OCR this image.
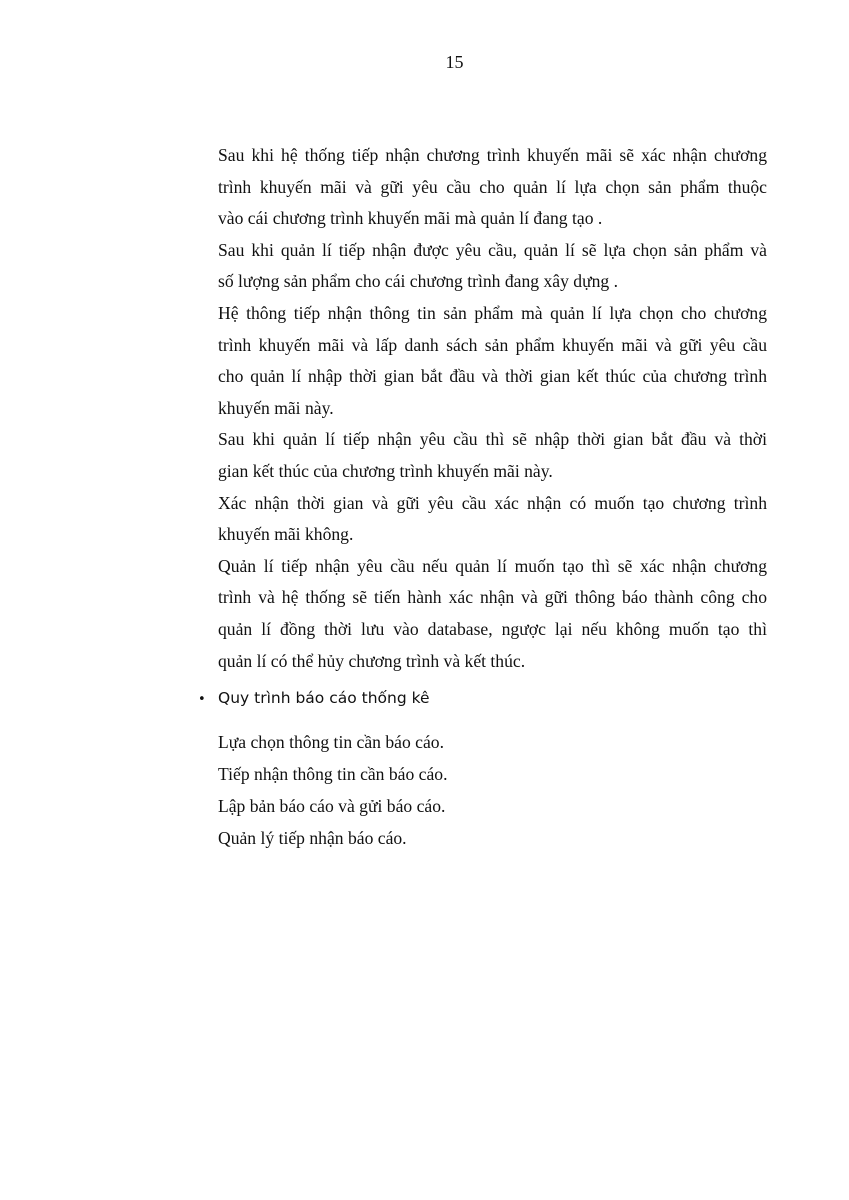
15

Sau khi hệ thống tiếp nhận chương trình khuyến mãi sẽ xác nhận chương
trình khuyến mãi và gữi yêu cầu cho quản lí lựa chọn sản phẩm thuộc
vào cái chương trình khuyến mãi mà quản lí đang tạo .

Sau khi quản lí tiếp nhận được yêu cầu, quản lí sẽ lựa chọn sản phẩm và
số lượng sản phẩm cho cái chương trình đang xây dựng .

Hệ thông tiếp nhận thông tin sản phẩm mà quản lí lựa chọn cho chương
trình khuyến mãi và lấp danh sách sản phẩm khuyến mãi và gữi yêu cầu
cho quản lí nhập thời gian bắt đầu và thời gian kết thúc của chương trình
khuyến mãi này.

Sau khi quản lí tiếp nhận yêu cầu thì sẽ nhập thời gian bắt đầu và thời
gian kết thúc của chương trình khuyến mãi này.

Xác nhận thời gian và gữi yêu cầu xác nhận có muốn tạo chương trình
khuyến mãi không.

Quản lí tiếp nhận yêu cầu nếu quản lí muốn tạo thì sẽ xác nhận chương
trình và hệ thống sẽ tiến hành xác nhận và gữi thông báo thành công cho
quản lí đồng thời lưu vào database, ngược lại nếu không muốn tạo thì
quản lí có thể hủy chương trình và kết thúc.

• Quy trình báo cáo thống kê
Lựa chọn thông tin cần báo cáo.
Tiếp nhận thông tin cần báo cáo.
Lập bản báo cáo và gửi báo cáo.
Quản lý tiếp nhận báo cáo.
